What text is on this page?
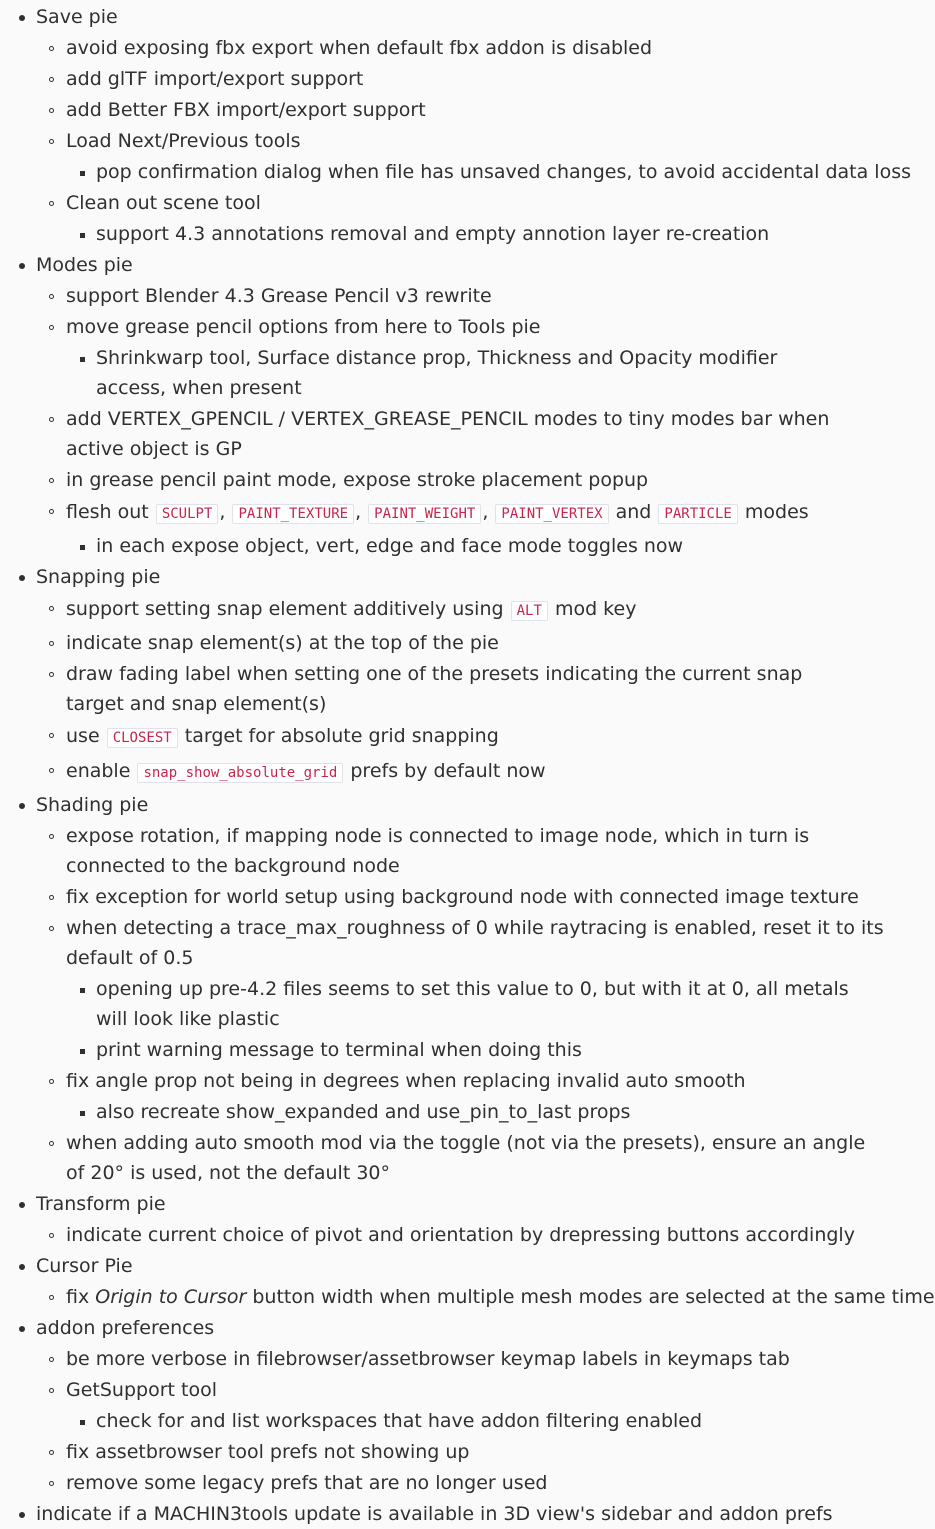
Save pie
avoid exposing fbx export when default fbx addon is disabled
add glTF import/export support
add Better FBX import/export support
Load Next/Previous tools
pop confirmation dialog when file has unsaved changes, to avoid accidental data loss
Clean out scene tool
support 4.3 annotations removal and empty annotion layer re-creation
Modes pie
support Blender 4.3 Grease Pencil v3 rewrite
move grease pencil options from here to Tools pie
Shrinkwarp tool, Surface distance prop, Thickness and Opacity modifier access, when present
add VERTEX_GPENCIL / VERTEX_GREASE_PENCIL modes to tiny modes bar when active object is GP
in grease pencil paint mode, expose stroke placement popup
flesh out SCULPT , PAINT_TEXTURE , PAINT_WEIGHT , PAINT_VERTEX and PARTICLE modes
in each expose object, vert, edge and face mode toggles now
Snapping pie
support setting snap element additively using ALT mod key
indicate snap element(s) at the top of the pie
draw fading label when setting one of the presets indicating the current snap target and snap element(s)
use CLOSEST target for absolute grid snapping
enable snap_show_absolute_grid prefs by default now
Shading pie
expose rotation, if mapping node is connected to image node, which in turn is connected to the background node
fix exception for world setup using background node with connected image texture
when detecting a trace_max_roughness of 0 while raytracing is enabled, reset it to its default of 0.5
opening up pre-4.2 files seems to set this value to 0, but with it at 0, all metals will look like plastic
print warning message to terminal when doing this
fix angle prop not being in degrees when replacing invalid auto smooth
also recreate show_expanded and use_pin_to_last props
when adding auto smooth mod via the toggle (not via the presets), ensure an angle of 20° is used, not the default 30°
Transform pie
indicate current choice of pivot and orientation by drepressing buttons accordingly
Cursor Pie
fix Origin to Cursor button width when multiple mesh modes are selected at the same time
addon preferences
be more verbose in filebrowser/assetbrowser keymap labels in keymaps tab
GetSupport tool
check for and list workspaces that have addon filtering enabled
fix assetbrowser tool prefs not showing up
remove some legacy prefs that are no longer used
indicate if a MACHIN3tools update is available in 3D view's sidebar and addon prefs
